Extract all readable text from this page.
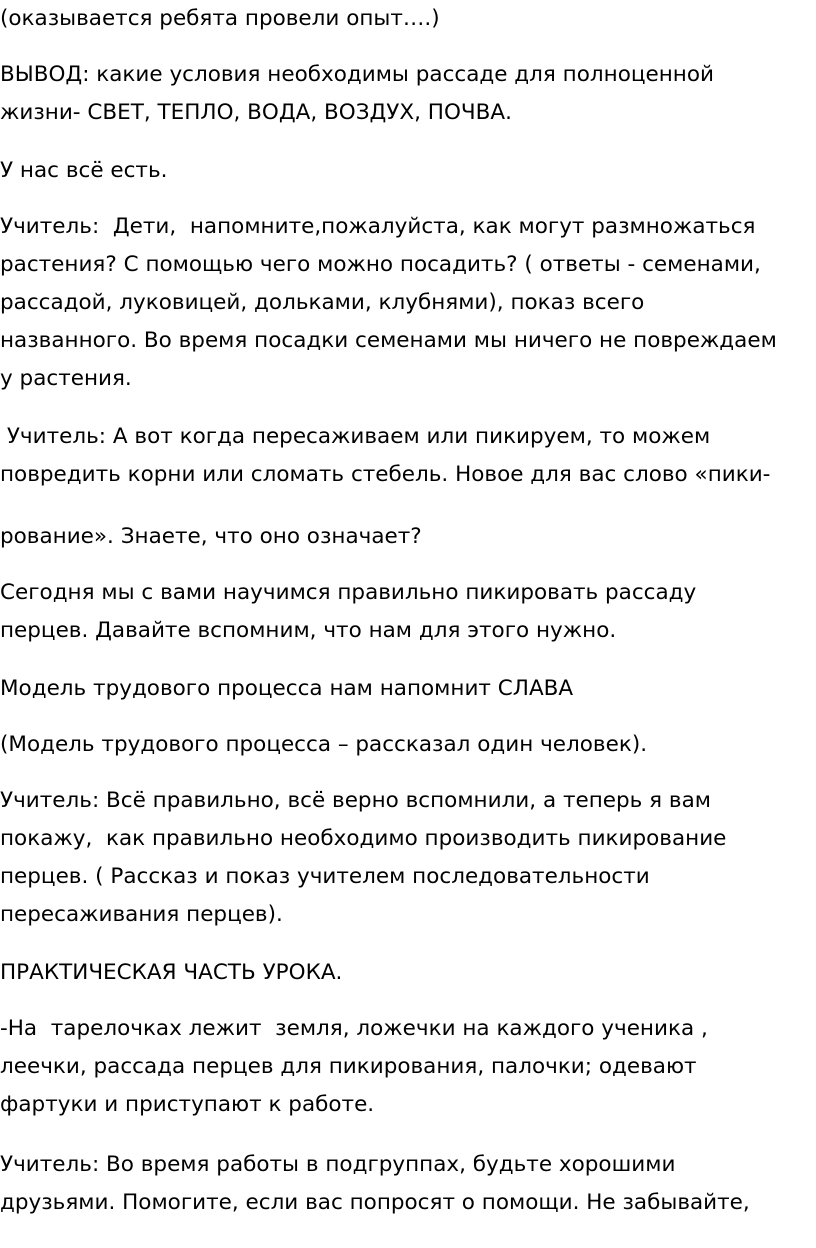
(оказывается ребята провели опыт….)
ВЫВОД: какие условия необходимы рассаде для полноценной
жизни- СВЕТ, ТЕПЛО, ВОДА, ВОЗДУХ, ПОЧВА.
У нас всё есть.
Учитель:  Дети,  напомните,пожалуйста, как могут размножаться
растения? С помощью чего можно посадить? ( ответы - семенами,
рассадой, луковицей, дольками, клубнями), показ всего
названного. Во время посадки семенами мы ничего не повреждаем
у растения.
Учитель: А вот когда пересаживаем или пикируем, то можем
повредить корни или сломать стебель. Новое для вас слово «пики-
рование». Знаете, что оно означает?
Сегодня мы с вами научимся правильно пикировать рассаду
перцев. Давайте вспомним, что нам для этого нужно.
Модель трудового процесса нам напомнит СЛАВА
(Модель трудового процесса – рассказал один человек).
Учитель: Всё правильно, всё верно вспомнили, а теперь я вам
покажу,  как правильно необходимо производить пикирование
перцев. ( Рассказ и показ учителем последовательности
пересаживания перцев).
ПРАКТИЧЕСКАЯ ЧАСТЬ УРОКА.
-На  тарелочках лежит  земля, ложечки на каждого ученика ,
леечки, рассада перцев для пикирования, палочки; одевают
фартуки и приступают к работе.
Учитель: Во время работы в подгруппах, будьте хорошими
друзьями. Помогите, если вас попросят о помощи. Не забывайте,
